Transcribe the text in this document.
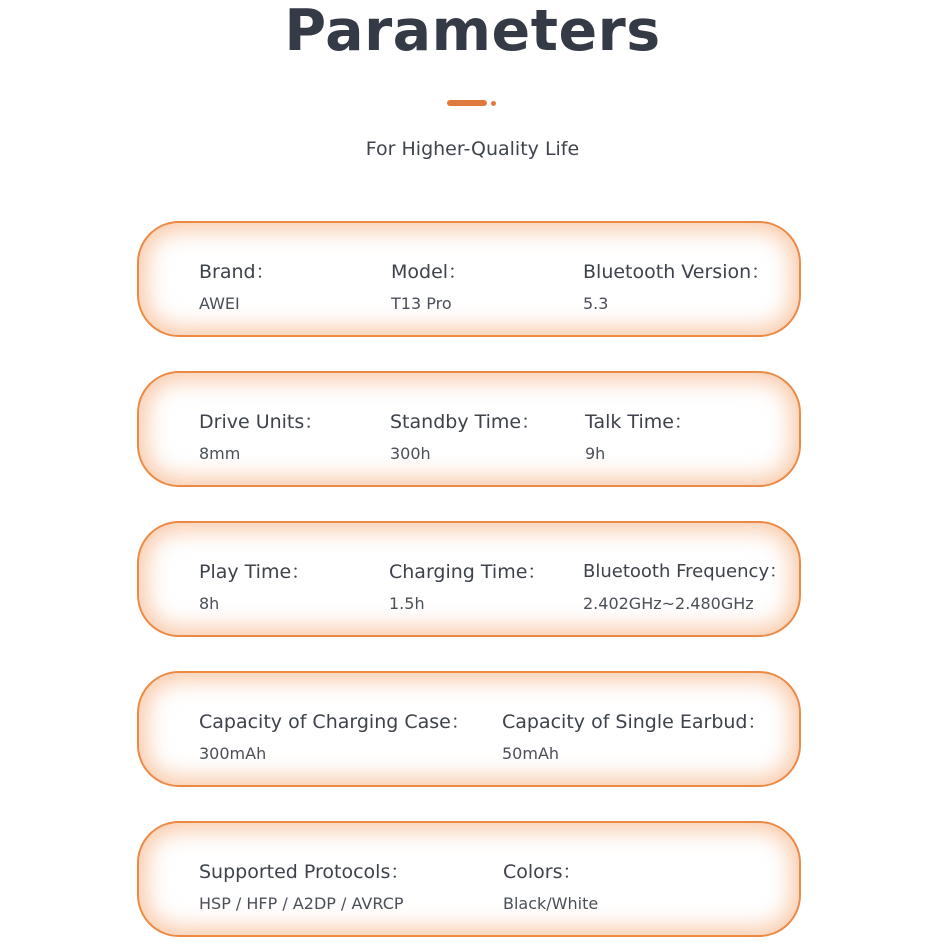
Parameters
For Higher-Quality Life
Brand：
AWEI
Model：
T13 Pro
Bluetooth Version：
5.3
Drive Units：
8mm
Standby Time：
300h
Talk Time：
9h
Play Time：
8h
Charging Time：
1.5h
Bluetooth Frequency：
2.402GHz~2.480GHz
Capacity of Charging Case：
300mAh
Capacity of Single Earbud：
50mAh
Supported Protocols：
HSP / HFP / A2DP / AVRCP
Colors：
Black/White
